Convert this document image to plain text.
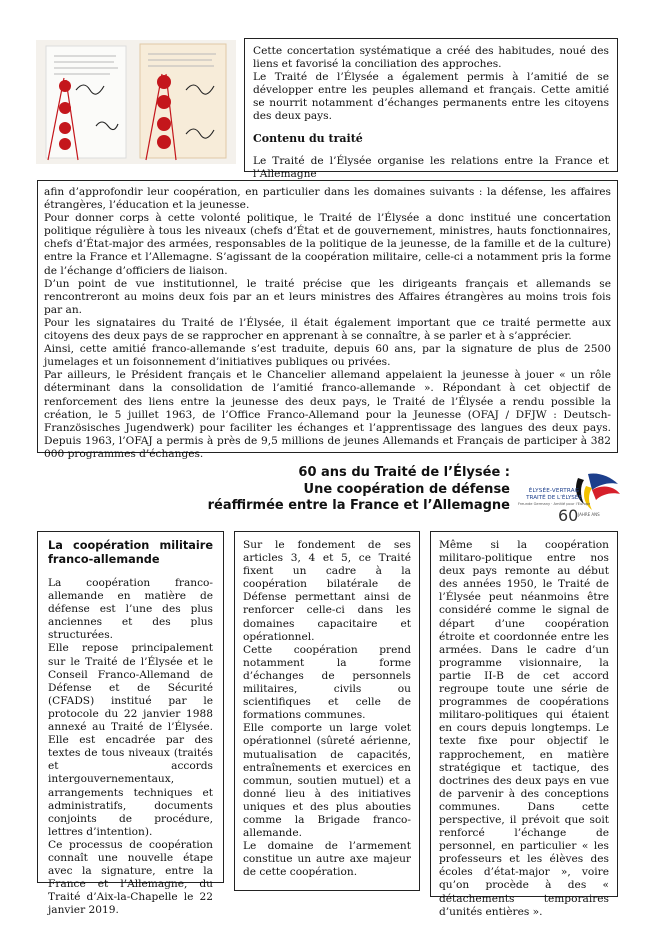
Cette concertation systématique a créé des habitudes, noué des liens et favorisé la conciliation des approches.

Le Traité de l’Élysée a également permis à l’amitié de se développer entre les peuples allemand et français. Cette amitié se nourrit notamment d’échanges permanents entre les citoyens des deux pays.

Contenu du traité

Le Traité de l’Élysée organise les relations entre la France et l’Allemagne

afin d’approfondir leur coopération, en particulier dans les domaines suivants : la défense, les affaires étrangères, l’éducation et la jeunesse.

Pour donner corps à cette volonté politique, le Traité de l’Élysée a donc institué une concertation politique régulière à tous les niveaux (chefs d’État et de gouvernement, ministres, hauts fonctionnaires, chefs d’État-major des armées, responsables de la politique de la jeunesse, de la famille et de la culture) entre la France et l’Allemagne. S’agissant de la coopération militaire, celle-ci a notamment pris la forme de l’échange d’officiers de liaison.

D’un point de vue institutionnel, le traité précise que les dirigeants français et allemands se rencontreront au moins deux fois par an et leurs ministres des Affaires étrangères au moins trois fois par an.

Pour les signataires du Traité de l’Élysée, il était également important que ce traité permette aux citoyens des deux pays de se rapprocher en apprenant à se connaître, à se parler et à s’apprécier.

Ainsi, cette amitié franco-allemande s’est traduite, depuis 60 ans, par la signature de plus de 2500 jumelages et un foisonnement d’initiatives publiques ou privées.

Par ailleurs, le Président français et le Chancelier allemand appelaient la jeunesse à jouer « un rôle déterminant dans la consolidation de l’amitié franco-allemande ». Répondant à cet objectif de renforcement des liens entre la jeunesse des deux pays, le Traité de l’Élysée a rendu possible la création, le 5 juillet 1963, de l’Office Franco-Allemand pour la Jeunesse (OFAJ / DFJW : Deutsch-Französisches Jugendwerk) pour faciliter les échanges et l’apprentissage des langues des deux pays. Depuis 1963, l’OFAJ a permis à près de 9,5 millions de jeunes Allemands et Français de participer à 382 000 programmes d’échanges.

60 ans du Traité de l’Élysée :
Une coopération de défense
réaffirmée entre la France et l’Allemagne
ÉLYSÉE-VERTRAG
TRAITÉ DE L’ÉLYSÉE
Freunde Germany · Amitié pour l’Europe
60 JAHRE ANS
La coopération militaire franco-allemande

La coopération franco-allemande en matière de défense est l’une des plus anciennes et des plus structurées.

Elle repose principalement sur le Traité de l’Élysée et le Conseil Franco-Allemand de Défense et de Sécurité (CFADS) institué par le protocole du 22 janvier 1988 annexé au Traité de l’Élysée. Elle est encadrée par des textes de tous niveaux (traités et accords intergouvernementaux, arrangements techniques et administratifs, documents conjoints de procédure, lettres d’intention).

Ce processus de coopération connaît une nouvelle étape avec la signature, entre la France et l’Allemagne, du Traité d’Aix-la-Chapelle le 22 janvier 2019.

Sur le fondement de ses articles 3, 4 et 5, ce Traité fixent un cadre à la coopération bilatérale de Défense permettant ainsi de renforcer celle-ci dans les domaines capacitaire et opérationnel.

Cette coopération prend notamment la forme d’échanges de personnels militaires, civils ou scientifiques et celle de formations communes.

Elle comporte un large volet opérationnel (sûreté aérienne, mutualisation de capacités, entraînements et exercices en commun, soutien mutuel) et a donné lieu à des initiatives uniques et des plus abouties comme la Brigade franco-allemande.

Le domaine de l’armement constitue un autre axe majeur de cette coopération.

Même si la coopération militaro-politique entre nos deux pays remonte au début des années 1950, le Traité de l’Élysée peut néanmoins être considéré comme le signal de départ d’une coopération étroite et coordonnée entre les armées. Dans le cadre d’un programme visionnaire, la partie II-B de cet accord regroupe toute une série de programmes de coopérations militaro-politiques qui étaient en cours depuis longtemps. Le texte fixe pour objectif le rapprochement, en matière stratégique et tactique, des doctrines des deux pays en vue de parvenir à des conceptions communes. Dans cette perspective, il prévoit que soit renforcé l’échange de personnel, en particulier « les professeurs et les élèves des écoles d’état-major », voire qu’on procède à des « détachements temporaires d’unités entières ».
